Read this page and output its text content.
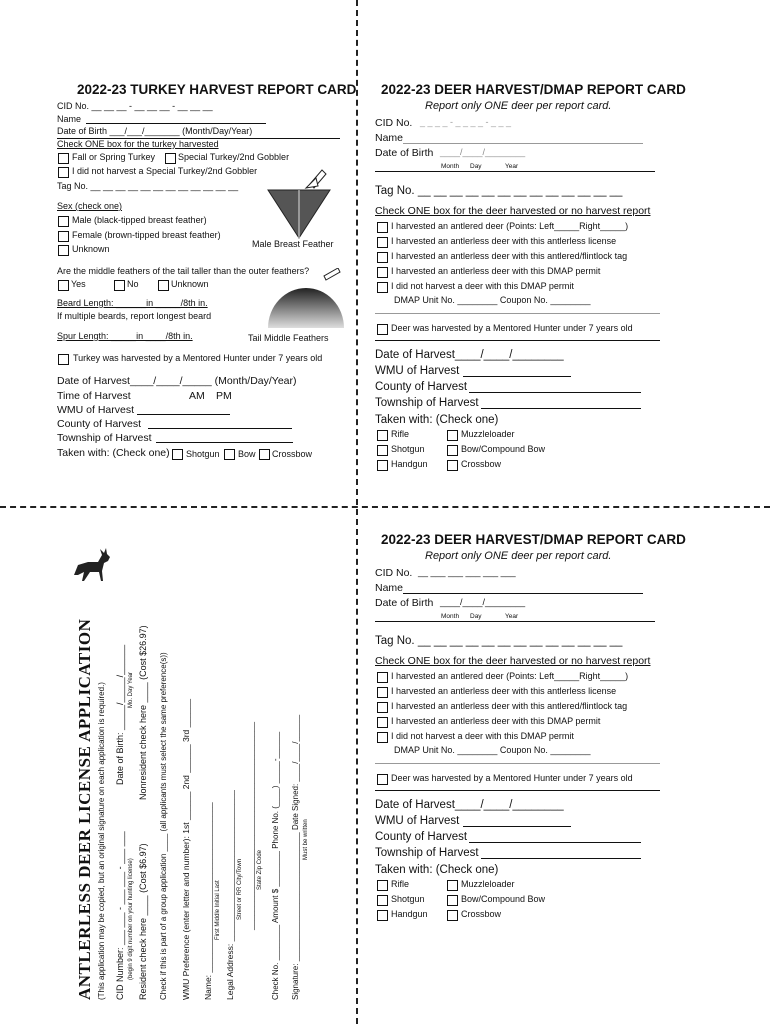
2022-23 TURKEY HARVEST REPORT CARD
CID No. __ __ __ - __ __ __ - __ __ __
Name
Date of Birth ___/___/_______ (Month/Day/Year)
Check ONE box for the turkey harvested
Fall or Spring Turkey	Special Turkey/2nd Gobbler
I did not harvest a Special Turkey/2nd Gobbler
Tag No. __ __ __ __ __ __ __ __ __ __ __ __
Sex (check one)
Male (black-tipped breast feather)
Female (brown-tipped breast feather)
Unknown	Male Breast Feather
Are the middle feathers of the tail taller than the outer feathers?
Yes	No	Unknown
Beard Length: ______in _____/8th in.
If multiple beards, report longest beard
Spur Length: _____in ____/8th in.	Tail Middle Feathers
Turkey was harvested by a Mentored Hunter under 7 years old
Date of Harvest____/____/_____ (Month/Day/Year)
Time of Harvest	AM PM
WMU of Harvest
County of Harvest
Township of Harvest
Taken with: (Check one) Shotgun Bow Crossbow
2022-23 DEER HARVEST/DMAP REPORT CARD
Report only ONE deer per report card.
CID No. _ _ _ _ - _ _ _ _ - _ _ _
Name
Date of Birth ____/____/________
Month Day	Year
Tag No. __ __ __ __ __ __ __ __ __ __ __ __ __
Check ONE box for the deer harvested or no harvest report
I harvested an antlered deer (Points: Left_____Right_____)
I harvested an antlerless deer with this antlerless license
I harvested an antlerless deer with this antlered/flintlock tag
I harvested an antlerless deer with this DMAP permit
I did not harvest a deer with this DMAP permit
DMAP Unit No. ________ Coupon No. ________
Deer was harvested by a Mentored Hunter under 7 years old
Date of Harvest____/____/________
WMU of Harvest
County of Harvest
Township of Harvest
Taken with: (Check one)
Rifle	Muzzleloader
Shotgun	Bow/Compound Bow
Handgun	Crossbow
2022-23 DEER HARVEST/DMAP REPORT CARD
Report only ONE deer per report card.
CID No. __ ___ ___ ___ ___ ___
Name
Date of Birth ____/____/________
Month Day	Year
Tag No. __ __ __ __ __ __ __ __ __ __ __ __ __
Check ONE box for the deer harvested or no harvest report
I harvested an antlered deer (Points: Left_____Right_____)
I harvested an antlerless deer with this antlerless license
I harvested an antlerless deer with this antlered/flintlock tag
I harvested an antlerless deer with this DMAP permit
I did not harvest a deer with this DMAP permit
DMAP Unit No. ________ Coupon No. ________
Deer was harvested by a Mentored Hunter under 7 years old
Date of Harvest____/____/________
WMU of Harvest
County of Harvest
Township of Harvest
Taken with: (Check one)
Rifle	Muzzleloader
Shotgun	Bow/Compound Bow
Handgun	Crossbow
ANTLERLESS DEER LICENSE APPLICATION (This application may be copied, but an original signature on each application is required.) CID Number: ___ ___ - ___ ___ - ___ ___
Date of Birth: _____/_____/______
(begin 9 digit number on your hunting license)
Mo. Day Year
Resident check here ____ (Cost $6.97)
Nonresident check here ____ (Cost $26.97) Check if this is part of a group application ____ (all applicants must select the same preference(s)) WMU Preference (enter letter and number): 1st ______ 2nd ______ 3rd ______ Name: ____________________________________ First Middle Initial Last Legal Address: ________________________________ Street or RR City/Town ____________________________________________ State Zip Code Check No. ________ Amount $ ________ Phone No. (____) _____-______ Signature: _____________________________ Date Signed: ____/____/______ Must be written
